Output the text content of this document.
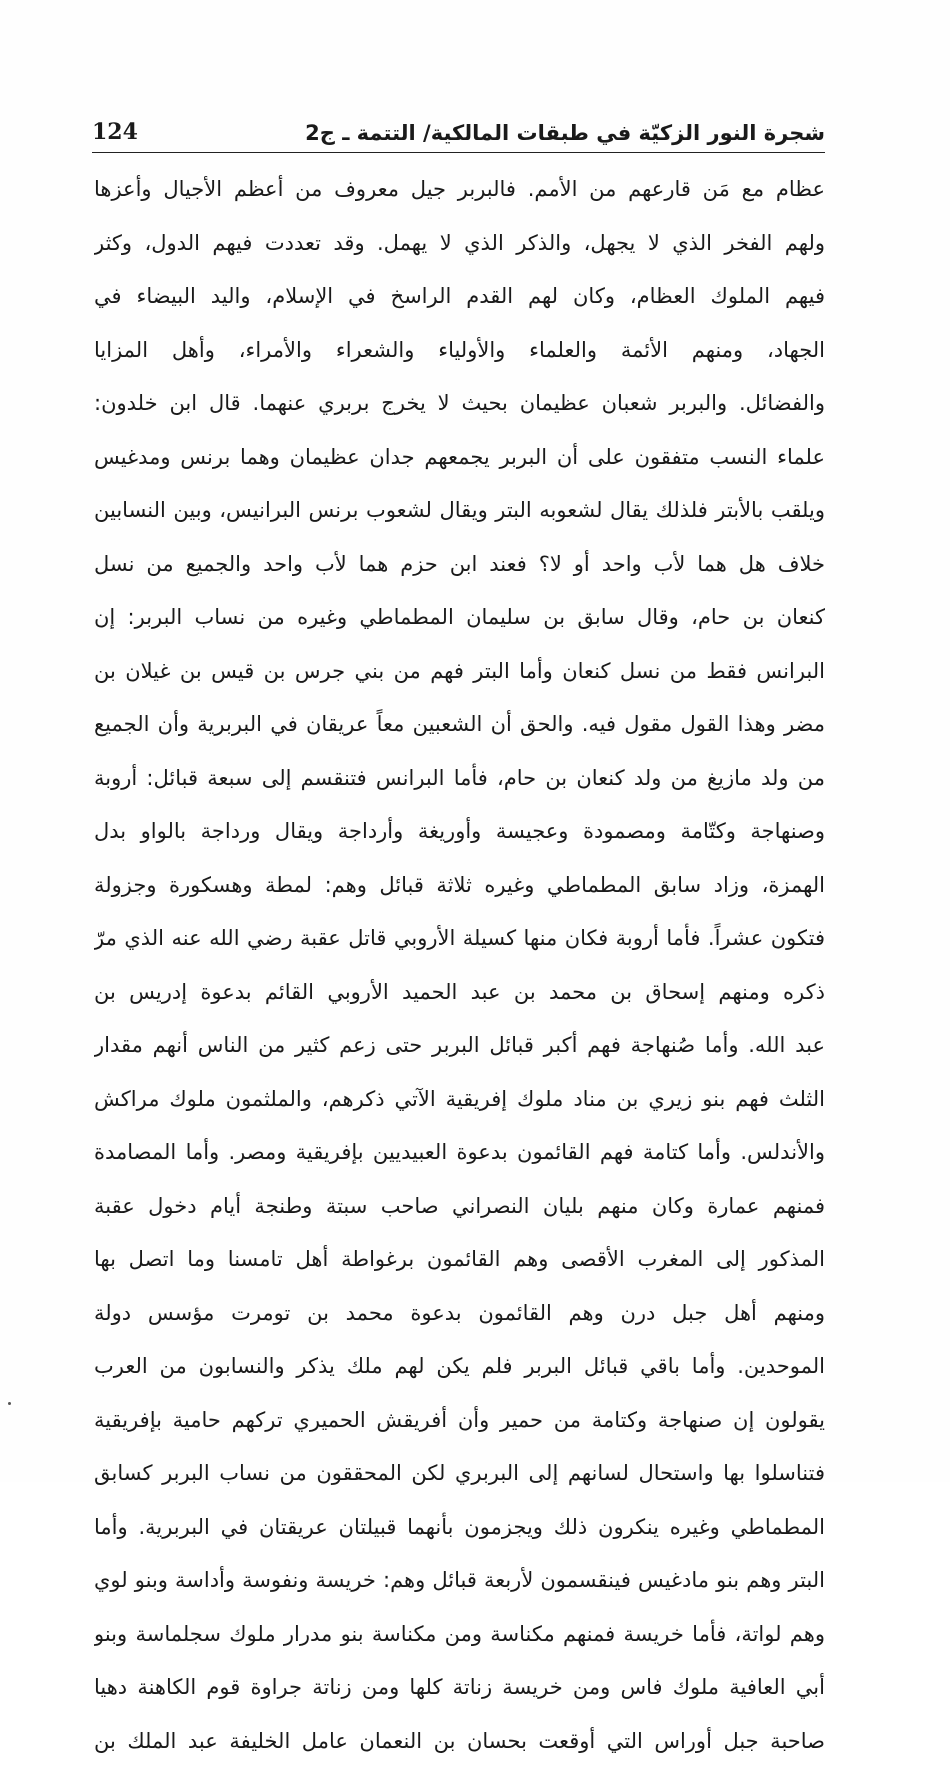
شجرة النور الزكيّة في طبقات المالكية/ التتمة ـ ج2
124
عظام مع مَن قارعهم من الأمم. فالبربر جيل معروف من أعظم الأجيال وأعزها
ولهم الفخر الذي لا يجهل، والذكر الذي لا يهمل. وقد تعددت فيهم الدول، وكثر
فيهم الملوك العظام، وكان لهم القدم الراسخ في الإسلام، واليد البيضاء في
الجهاد، ومنهم الأئمة والعلماء والأولياء والشعراء والأمراء، وأهل المزايا
والفضائل. والبربر شعبان عظيمان بحيث لا يخرج بربري عنهما. قال ابن خلدون:
علماء النسب متفقون على أن البربر يجمعهم جدان عظيمان وهما برنس ومدغيس
ويلقب بالأبتر فلذلك يقال لشعوبه البتر ويقال لشعوب برنس البرانيس، وبين النسابين
خلاف هل هما لأب واحد أو لا؟ فعند ابن حزم هما لأب واحد والجميع من نسل
كنعان بن حام، وقال سابق بن سليمان المطماطي وغيره من نساب البربر: إن
البرانس فقط من نسل كنعان وأما البتر فهم من بني جرس بن قيس بن غيلان بن
مضر وهذا القول مقول فيه. والحق أن الشعبين معاً عريقان في البربرية وأن الجميع
من ولد مازيغ من ولد كنعان بن حام، فأما البرانس فتنقسم إلى سبعة قبائل: أروبة
وصنهاجة وكتّامة ومصمودة وعجيسة وأوريغة وأرداجة ويقال ورداجة بالواو بدل
الهمزة، وزاد سابق المطماطي وغيره ثلاثة قبائل وهم: لمطة وهسكورة وجزولة
فتكون عشراً. فأما أروبة فكان منها كسيلة الأروبي قاتل عقبة رضي الله عنه الذي مرّ
ذكره ومنهم إسحاق بن محمد بن عبد الحميد الأروبي القائم بدعوة إدريس بن
عبد الله. وأما صُنهاجة فهم أكبر قبائل البربر حتى زعم كثير من الناس أنهم مقدار
الثلث فهم بنو زيري بن مناد ملوك إفريقية الآتي ذكرهم، والملثمون ملوك مراكش
والأندلس. وأما كتامة فهم القائمون بدعوة العبيديين بإفريقية ومصر. وأما المصامدة
فمنهم عمارة وكان منهم بليان النصراني صاحب سبتة وطنجة أيام دخول عقبة
المذكور إلى المغرب الأقصى وهم القائمون برغواطة أهل تامسنا وما اتصل بها
ومنهم أهل جبل درن وهم القائمون بدعوة محمد بن تومرت مؤسس دولة
الموحدين. وأما باقي قبائل البربر فلم يكن لهم ملك يذكر والنسابون من العرب
يقولون إن صنهاجة وكتامة من حمير وأن أفريقش الحميري تركهم حامية بإفريقية
فتناسلوا بها واستحال لسانهم إلى البربري لكن المحققون من نساب البربر كسابق
المطماطي وغيره ينكرون ذلك ويجزمون بأنهما قبيلتان عريقتان في البربرية. وأما
البتر وهم بنو مادغيس فينقسمون لأربعة قبائل وهم: خريسة ونفوسة وأداسة وبنو لوي
وهم لواتة، فأما خريسة فمنهم مكناسة ومن مكناسة بنو مدرار ملوك سجلماسة وبنو
أبي العافية ملوك فاس ومن خريسة زناتة كلها ومن زناتة جراوة قوم الكاهنة دهيا
صاحبة جبل أوراس التي أوقعت بحسان بن النعمان عامل الخليفة عبد الملك بن
